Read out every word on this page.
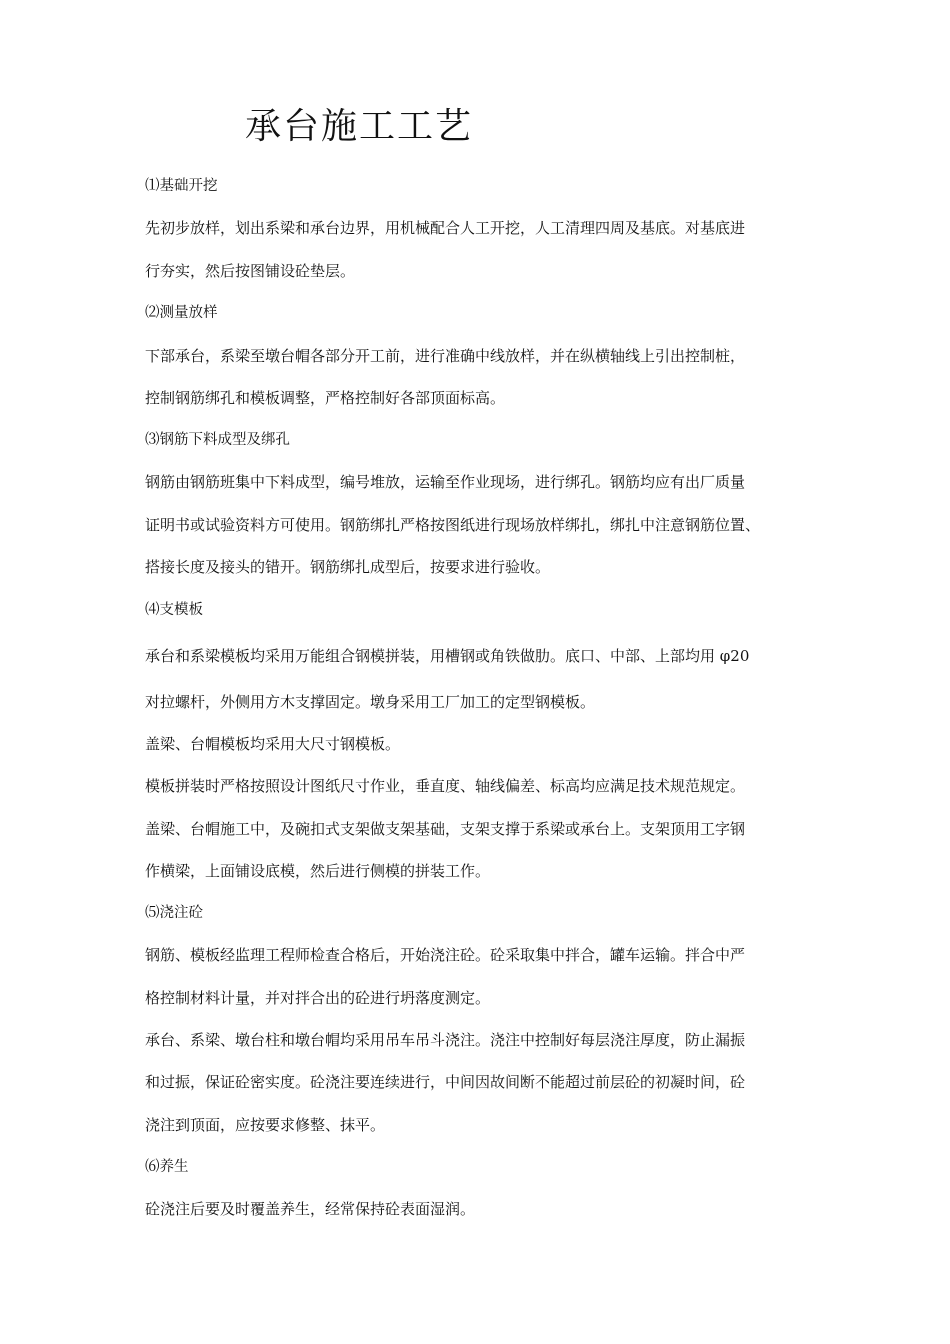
承台施工工艺

⑴基础开挖

先初步放样，划出系梁和承台边界，用机械配合人工开挖，人工清理四周及基底。对基底进

行夯实，然后按图铺设砼垫层。

⑵测量放样

下部承台，系梁至墩台帽各部分开工前，进行准确中线放样，并在纵横轴线上引出控制桩，

控制钢筋绑孔和模板调整，严格控制好各部顶面标高。

⑶钢筋下料成型及绑孔

钢筋由钢筋班集中下料成型，编号堆放，运输至作业现场，进行绑孔。钢筋均应有出厂质量

证明书或试验资料方可使用。钢筋绑扎严格按图纸进行现场放样绑扎，绑扎中注意钢筋位置、

搭接长度及接头的错开。钢筋绑扎成型后，按要求进行验收。

⑷支模板

承台和系梁模板均采用万能组合钢模拼装，用槽钢或角铁做肋。底口、中部、上部均用 φ20

对拉螺杆，外侧用方木支撑固定。墩身采用工厂加工的定型钢模板。

盖梁、台帽模板均采用大尺寸钢模板。

模板拼装时严格按照设计图纸尺寸作业，垂直度、轴线偏差、标高均应满足技术规范规定。

盖梁、台帽施工中，及碗扣式支架做支架基础，支架支撑于系梁或承台上。支架顶用工字钢

作横梁，上面铺设底模，然后进行侧模的拼装工作。

⑸浇注砼

钢筋、模板经监理工程师检查合格后，开始浇注砼。砼采取集中拌合，罐车运输。拌合中严

格控制材料计量，并对拌合出的砼进行坍落度测定。

承台、系梁、墩台柱和墩台帽均采用吊车吊斗浇注。浇注中控制好每层浇注厚度，防止漏振

和过振，保证砼密实度。砼浇注要连续进行，中间因故间断不能超过前层砼的初凝时间，砼

浇注到顶面，应按要求修整、抹平。

⑹养生

砼浇注后要及时覆盖养生，经常保持砼表面湿润。
